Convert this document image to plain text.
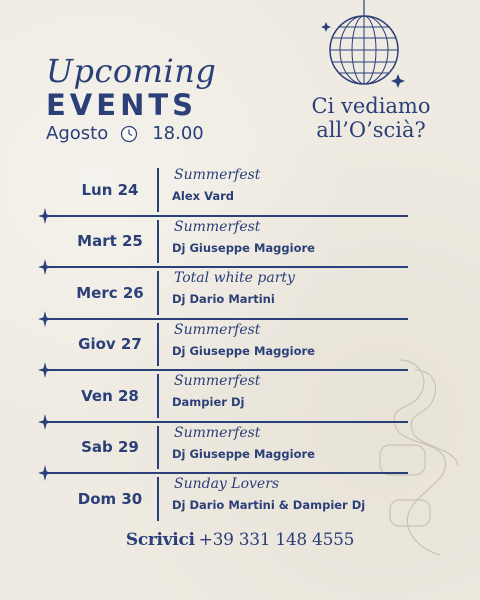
Upcoming
EVENTS
Agosto 18.00
Ci vediamo
all’O’scià?
Lun 24
Summerfest
Alex Vard
Mart 25
Summerfest
Dj Giuseppe Maggiore
Merc 26
Total white party
Dj Dario Martini
Giov 27
Summerfest
Dj Giuseppe Maggiore
Ven 28
Summerfest
Dampier Dj
Sab 29
Summerfest
Dj Giuseppe Maggiore
Dom 30
Sunday Lovers
Dj Dario Martini & Dampier Dj
Scrivici +39 331 148 4555
